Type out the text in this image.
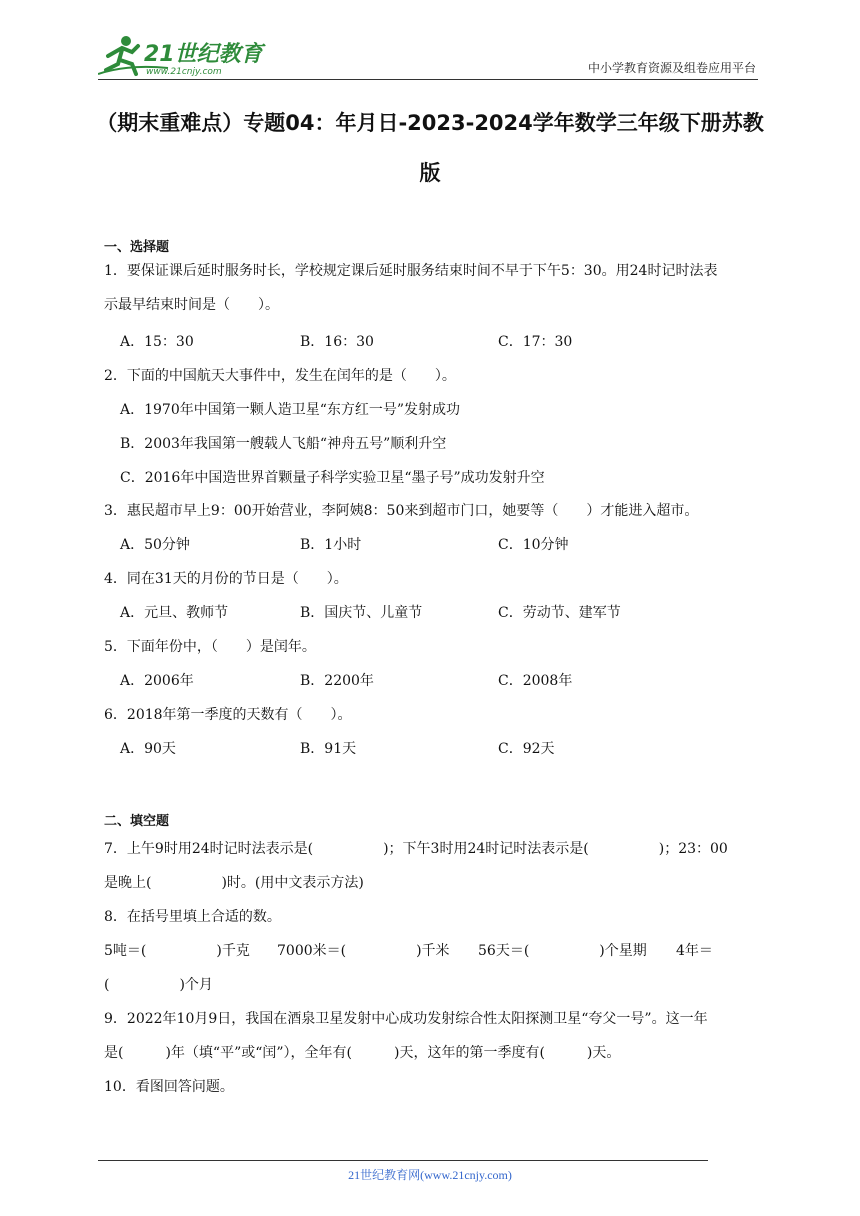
21世纪教育
www.21cnjy.com	中小学教育资源及组卷应用平台
（期末重难点）专题04：年月日-2023-2024学年数学三年级下册苏教
版
一、选择题
1．要保证课后延时服务时长，学校规定课后延时服务结束时间不早于下午5：30。用24时记时法表
示最早结束时间是（　　）。
A．15：30	B．16：30	C．17：30
2．下面的中国航天大事件中，发生在闰年的是（　　）。
A．1970年中国第一颗人造卫星“东方红一号”发射成功
B．2003年我国第一艘载人飞船“神舟五号”顺利升空
C．2016年中国造世界首颗量子科学实验卫星“墨子号”成功发射升空
3．惠民超市早上9：00开始营业，李阿姨8：50来到超市门口，她要等（　　）才能进入超市。
A．50分钟	B．1小时	C．10分钟
4．同在31天的月份的节日是（　　）。
A．元旦、教师节	B．国庆节、儿童节	C．劳动节、建军节
5．下面年份中，（　　）是闰年。
A．2006年	B．2200年	C．2008年
6．2018年第一季度的天数有（　　）。
A．90天	B．91天	C．92天
二、填空题
7．上午9时用24时记时法表示是(　　　　　)；下午3时用24时记时法表示是(　　　　　)；23：00
是晚上(　　　　　)时。(用中文表示方法)
8．在括号里填上合适的数。
5吨＝(　　　　　)千克 7000米＝(　　　　　)千米 56天＝(　　　　　)个星期 4年＝
(　　　　　)个月
9．2022年10月9日，我国在酒泉卫星发射中心成功发射综合性太阳探测卫星“夸父一号”。这一年
是(　　　)年（填“平”或“闰”），全年有(　　　)天，这年的第一季度有(　　　)天。
10．看图回答问题。
21世纪教育网(www.21cnjy.com)
